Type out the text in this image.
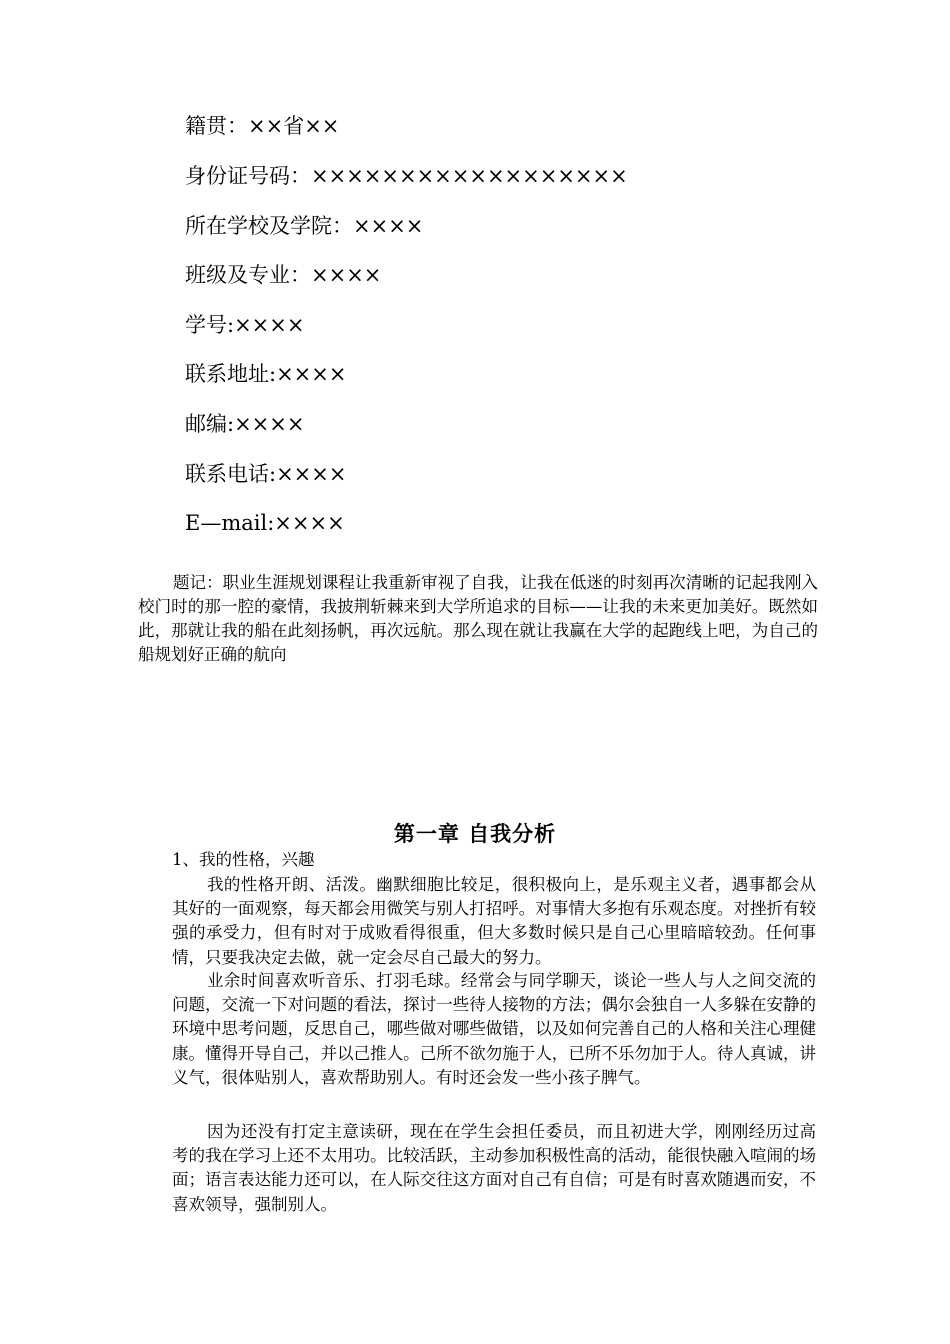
籍贯：××省××
身份证号码：××××××××××××××××××
所在学校及学院：××××
班级及专业：××××
学号:××××
联系地址:××××
邮编:××××
联系电话:××××
E—mail:××××

题记：职业生涯规划课程让我重新审视了自我，让我在低迷的时刻再次清晰的记起我刚入校门时的那一腔的豪情，我披荆斩棘来到大学所追求的目标——让我的未来更加美好。既然如此，那就让我的船在此刻扬帆，再次远航。那么现在就让我赢在大学的起跑线上吧，为自己的船规划好正确的航向

第一章 自我分析
1、我的性格，兴趣

我的性格开朗、活泼。幽默细胞比较足，很积极向上，是乐观主义者，遇事都会从其好的一面观察，每天都会用微笑与别人打招呼。对事情大多抱有乐观态度。对挫折有较强的承受力，但有时对于成败看得很重，但大多数时候只是自己心里暗暗较劲。任何事情，只要我决定去做，就一定会尽自己最大的努力。

业余时间喜欢听音乐、打羽毛球。经常会与同学聊天，谈论一些人与人之间交流的问题，交流一下对问题的看法，探讨一些待人接物的方法；偶尔会独自一人多躲在安静的环境中思考问题，反思自己，哪些做对哪些做错，以及如何完善自己的人格和关注心理健康。懂得开导自己，并以己推人。己所不欲勿施于人，已所不乐勿加于人。待人真诚，讲义气，很体贴别人，喜欢帮助别人。有时还会发一些小孩子脾气。

因为还没有打定主意读研，现在在学生会担任委员，而且初进大学，刚刚经历过高考的我在学习上还不太用功。比较活跃，主动参加积极性高的活动，能很快融入喧闹的场面；语言表达能力还可以，在人际交往这方面对自己有自信；可是有时喜欢随遇而安，不喜欢领导，强制别人。
